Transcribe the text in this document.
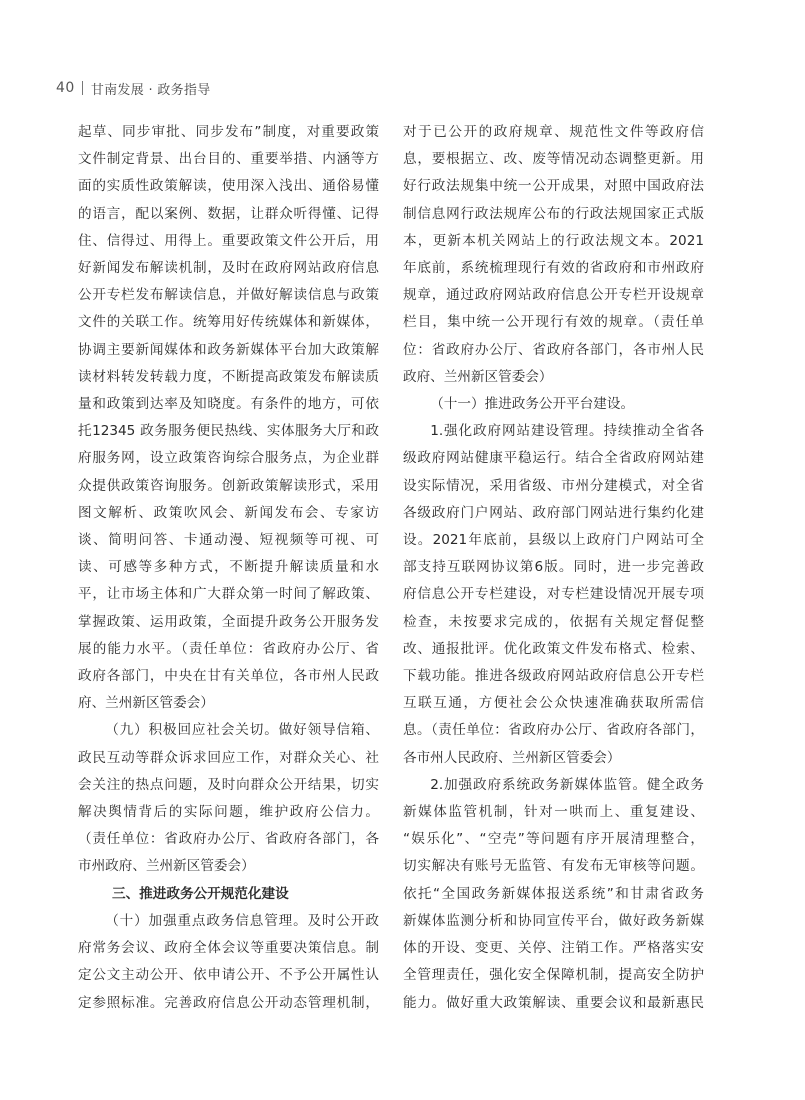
40 甘南发展 · 政务指导
起草、同步审批、同步发布”制度，对重要政策
文件制定背景、出台目的、重要举措、内涵等方
面的实质性政策解读，使用深入浅出、通俗易懂
的语言，配以案例、数据，让群众听得懂、记得
住、信得过、用得上。重要政策文件公开后，用
好新闻发布解读机制，及时在政府网站政府信息
公开专栏发布解读信息，并做好解读信息与政策
文件的关联工作。统筹用好传统媒体和新媒体，
协调主要新闻媒体和政务新媒体平台加大政策解
读材料转发转载力度，不断提高政策发布解读质
量和政策到达率及知晓度。有条件的地方，可依
托12345 政务服务便民热线、实体服务大厅和政
府服务网，设立政策咨询综合服务点，为企业群
众提供政策咨询服务。创新政策解读形式，采用
图文解析、政策吹风会、新闻发布会、专家访
谈、简明问答、卡通动漫、短视频等可视、可
读、可感等多种方式，不断提升解读质量和水
平，让市场主体和广大群众第一时间了解政策、
掌握政策、运用政策，全面提升政务公开服务发
展的能力水平。（责任单位：省政府办公厅、省
政府各部门，中央在甘有关单位，各市州人民政
府、兰州新区管委会）
（九）积极回应社会关切。做好领导信箱、
政民互动等群众诉求回应工作，对群众关心、社
会关注的热点问题，及时向群众公开结果，切实
解决舆情背后的实际问题，维护政府公信力。
（责任单位：省政府办公厅、省政府各部门，各
市州政府、兰州新区管委会）
三、推进政务公开规范化建设
（十）加强重点政务信息管理。及时公开政
府常务会议、政府全体会议等重要决策信息。制
定公文主动公开、依申请公开、不予公开属性认
定参照标准。完善政府信息公开动态管理机制，
对于已公开的政府规章、规范性文件等政府信
息，要根据立、改、废等情况动态调整更新。用
好行政法规集中统一公开成果，对照中国政府法
制信息网行政法规库公布的行政法规国家正式版
本，更新本机关网站上的行政法规文本。2021
年底前，系统梳理现行有效的省政府和市州政府
规章，通过政府网站政府信息公开专栏开设规章
栏目，集中统一公开现行有效的规章。（责任单
位：省政府办公厅、省政府各部门，各市州人民
政府、兰州新区管委会）
（十一）推进政务公开平台建设。
1.强化政府网站建设管理。持续推动全省各
级政府网站健康平稳运行。结合全省政府网站建
设实际情况，采用省级、市州分建模式，对全省
各级政府门户网站、政府部门网站进行集约化建
设。2021年底前，县级以上政府门户网站可全
部支持互联网协议第6版。同时，进一步完善政
府信息公开专栏建设，对专栏建设情况开展专项
检查，未按要求完成的，依据有关规定督促整
改、通报批评。优化政策文件发布格式、检索、
下载功能。推进各级政府网站政府信息公开专栏
互联互通，方便社会公众快速准确获取所需信
息。（责任单位：省政府办公厅、省政府各部门，
各市州人民政府、兰州新区管委会）
2.加强政府系统政务新媒体监管。健全政务
新媒体监管机制，针对一哄而上、重复建设、
“娱乐化”、“空壳”等问题有序开展清理整合，
切实解决有账号无监管、有发布无审核等问题。
依托“全国政务新媒体报送系统”和甘肃省政务
新媒体监测分析和协同宣传平台，做好政务新媒
体的开设、变更、关停、注销工作。严格落实安
全管理责任，强化安全保障机制，提高安全防护
能力。做好重大政策解读、重要会议和最新惠民
